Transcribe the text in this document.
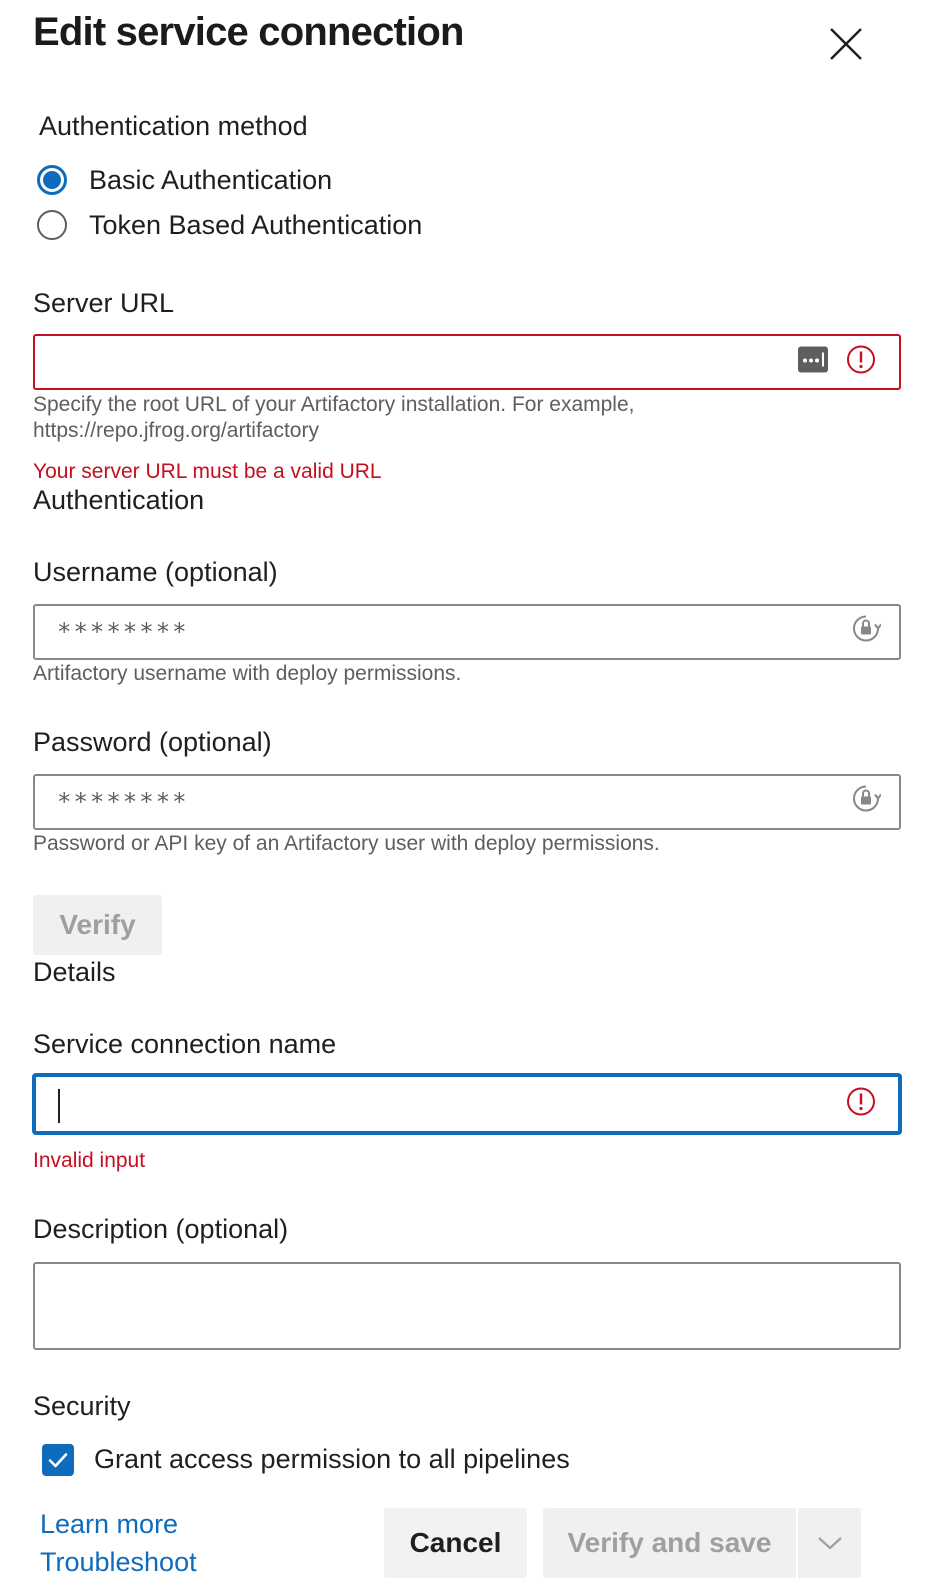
Edit service connection
Authentication method
Basic Authentication
Token Based Authentication
Server URL
Specify the root URL of your Artifactory installation. For example,
https://repo.jfrog.org/artifactory
Your server URL must be a valid URL
Authentication
Username (optional)
********
Artifactory username with deploy permissions.
Password (optional)
********
Password or API key of an Artifactory user with deploy permissions.
Verify
Details
Service connection name
Invalid input
Description (optional)
Security
Grant access permission to all pipelines
Learn more
Troubleshoot
Cancel	Verify and save
